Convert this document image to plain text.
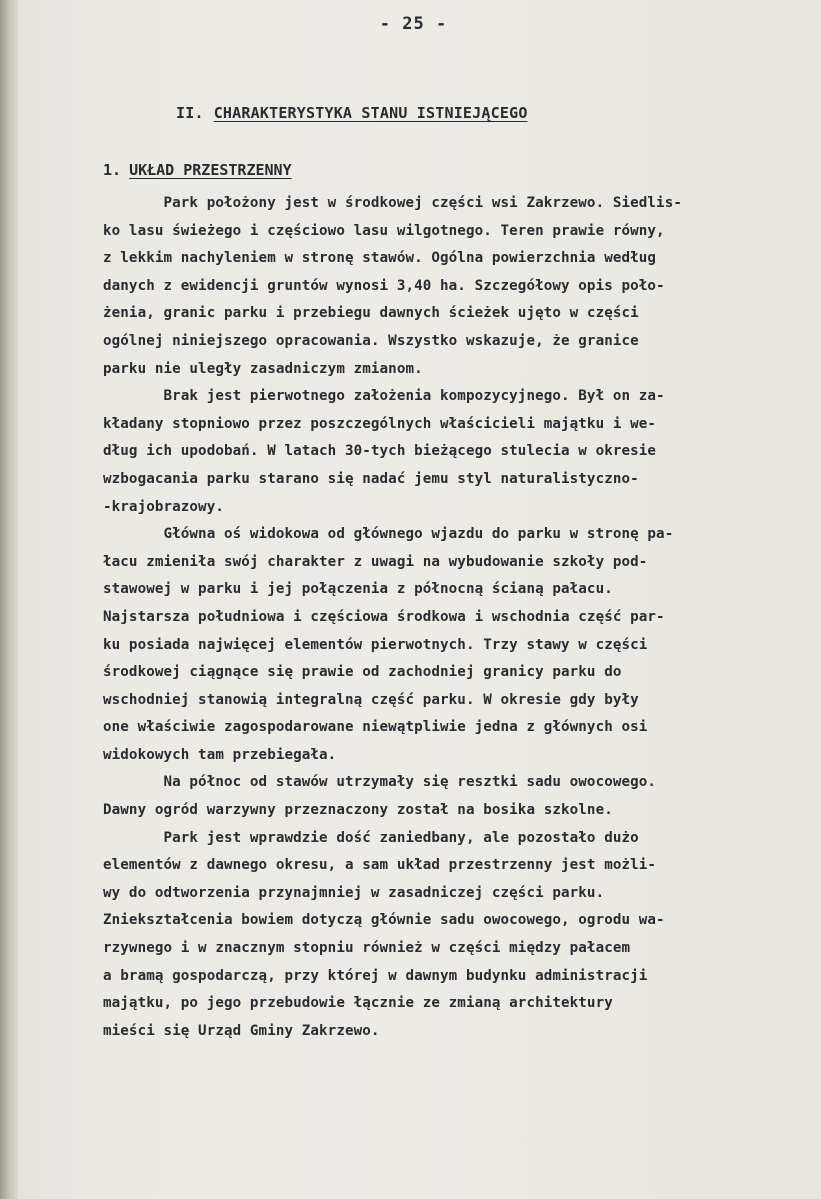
- 25 -
II. CHARAKTERYSTYKA STANU ISTNIEJĄCEGO
1. UKŁAD PRZESTRZENNY
Park położony jest w środkowej części wsi Zakrzewo. Siedlis-
ko lasu świeżego i częściowo lasu wilgotnego. Teren prawie równy,
z lekkim nachyleniem w stronę stawów. Ogólna powierzchnia według
danych z ewidencji gruntów wynosi 3,40 ha. Szczegółowy opis poło-
żenia, granic parku i przebiegu dawnych ścieżek ujęto w części
ogólnej niniejszego opracowania. Wszystko wskazuje, że granice
parku nie uległy zasadniczym zmianom.
Brak jest pierwotnego założenia kompozycyjnego. Był on za-
kładany stopniowo przez poszczególnych właścicieli majątku i we-
dług ich upodobań. W latach 30-tych bieżącego stulecia w okresie
wzbogacania parku starano się nadać jemu styl naturalistyczno-
-krajobrazowy.
Główna oś widokowa od głównego wjazdu do parku w stronę pa-
łacu zmieniła swój charakter z uwagi na wybudowanie szkoły pod-
stawowej w parku i jej połączenia z północną ścianą pałacu.
Najstarsza południowa i częściowa środkowa i wschodnia część par-
ku posiada najwięcej elementów pierwotnych. Trzy stawy w części
środkowej ciągnące się prawie od zachodniej granicy parku do
wschodniej stanowią integralną część parku. W okresie gdy były
one właściwie zagospodarowane niewątpliwie jedna z głównych osi
widokowych tam przebiegała.
Na północ od stawów utrzymały się resztki sadu owocowego.
Dawny ogród warzywny przeznaczony został na bosika szkolne.
Park jest wprawdzie dość zaniedbany, ale pozostało dużo
elementów z dawnego okresu, a sam układ przestrzenny jest możli-
wy do odtworzenia przynajmniej w zasadniczej części parku.
Zniekształcenia bowiem dotyczą głównie sadu owocowego, ogrodu wa-
rzywnego i w znacznym stopniu również w części między pałacem
a bramą gospodarczą, przy której w dawnym budynku administracji
majątku, po jego przebudowie łącznie ze zmianą architektury
mieści się Urząd Gminy Zakrzewo.
